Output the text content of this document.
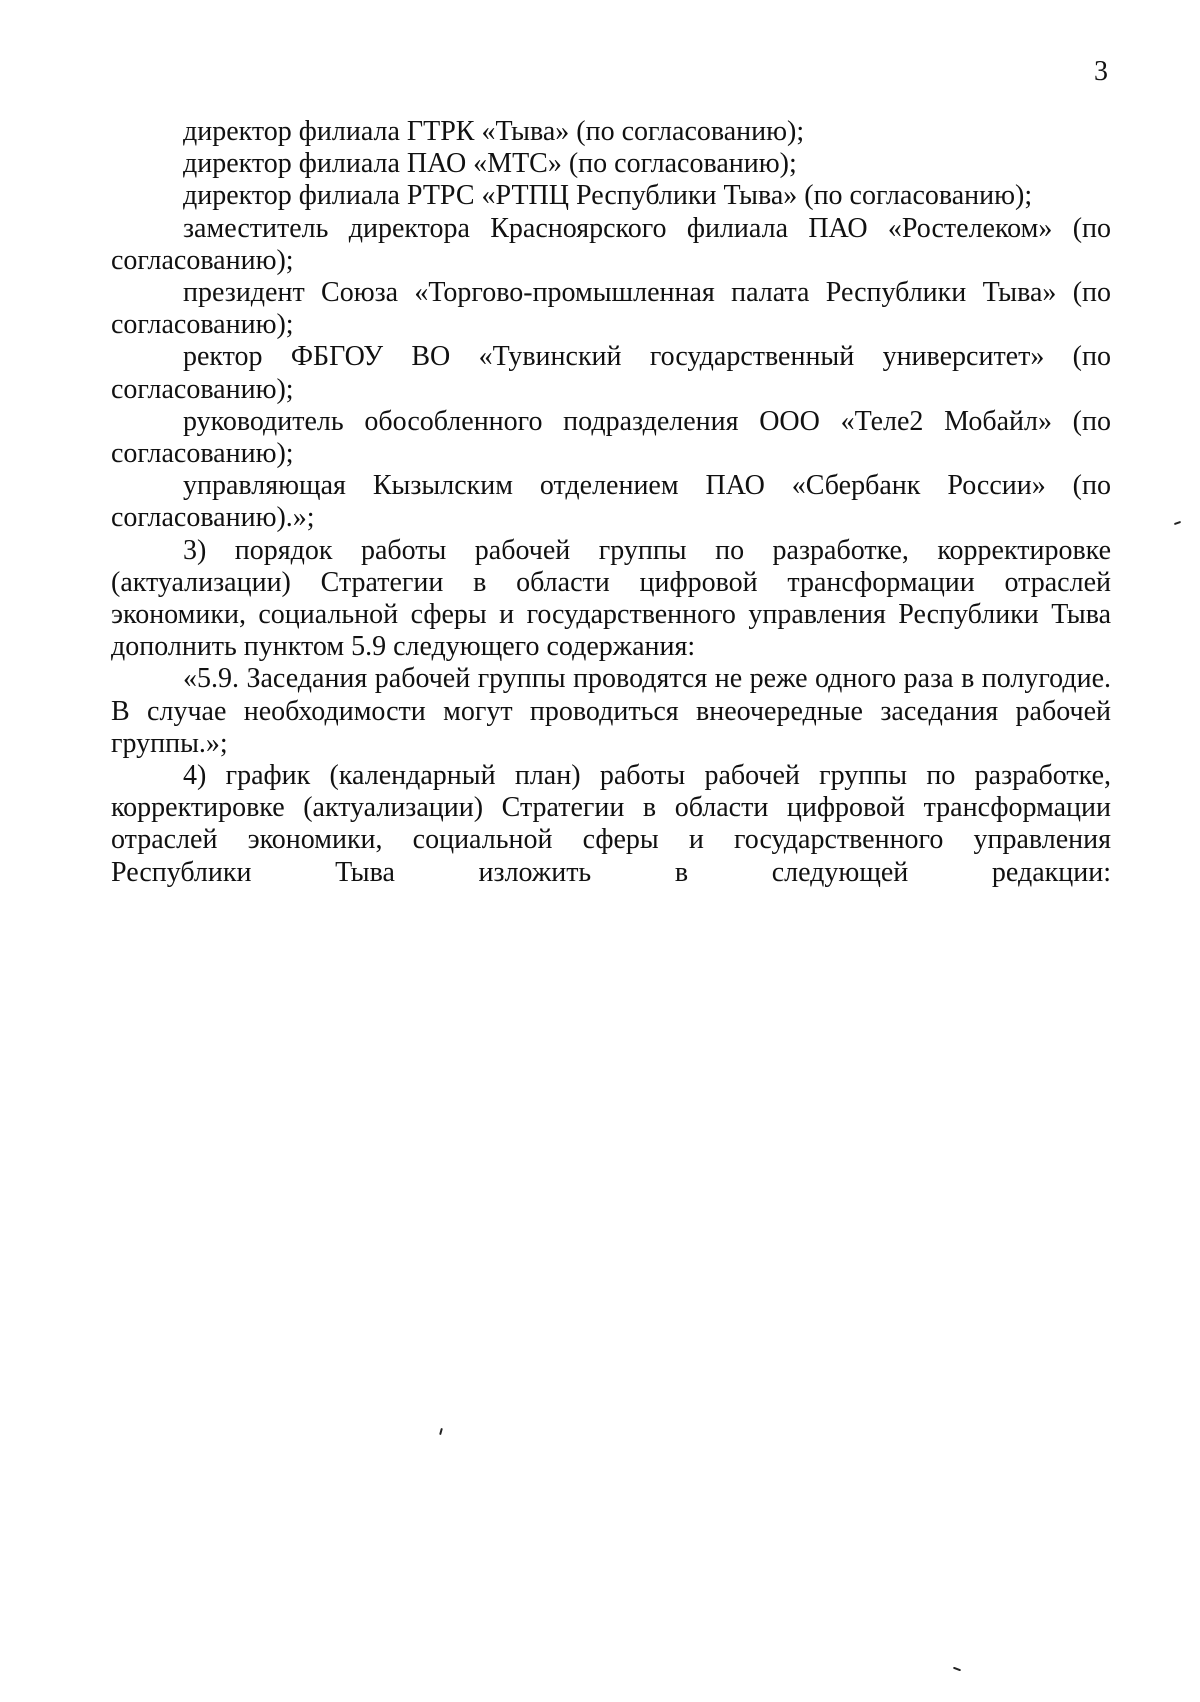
3

директор филиала ГТРК «Тыва» (по согласованию);

директор филиала ПАО «МТС» (по согласованию);

директор филиала РТРС «РТПЦ Республики Тыва» (по согласованию);

заместитель директора Красноярского филиала ПАО «Ростелеком» (по согласованию);

президент Союза «Торгово-промышленная палата Республики Тыва» (по согласованию);

ректор ФБГОУ ВО «Тувинский государственный университет» (по согласованию);

руководитель обособленного подразделения ООО «Теле2 Мобайл» (по согласованию);

управляющая Кызылским отделением ПАО «Сбербанк России» (по согласованию).»;

3) порядок работы рабочей группы по разработке, корректировке (актуализации) Стратегии в области цифровой трансформации отраслей экономики, социальной сферы и государственного управления Республики Тыва дополнить пунктом 5.9 следующего содержания:

«5.9. Заседания рабочей группы проводятся не реже одного раза в полугодие. В случае необходимости могут проводиться внеочередные заседания рабочей группы.»;

4) график (календарный план) работы рабочей группы по разработке, корректировке (актуализации) Стратегии в области цифровой трансформации отраслей экономики, социальной сферы и государственного управления Республики Тыва изложить в следующей редакции:
